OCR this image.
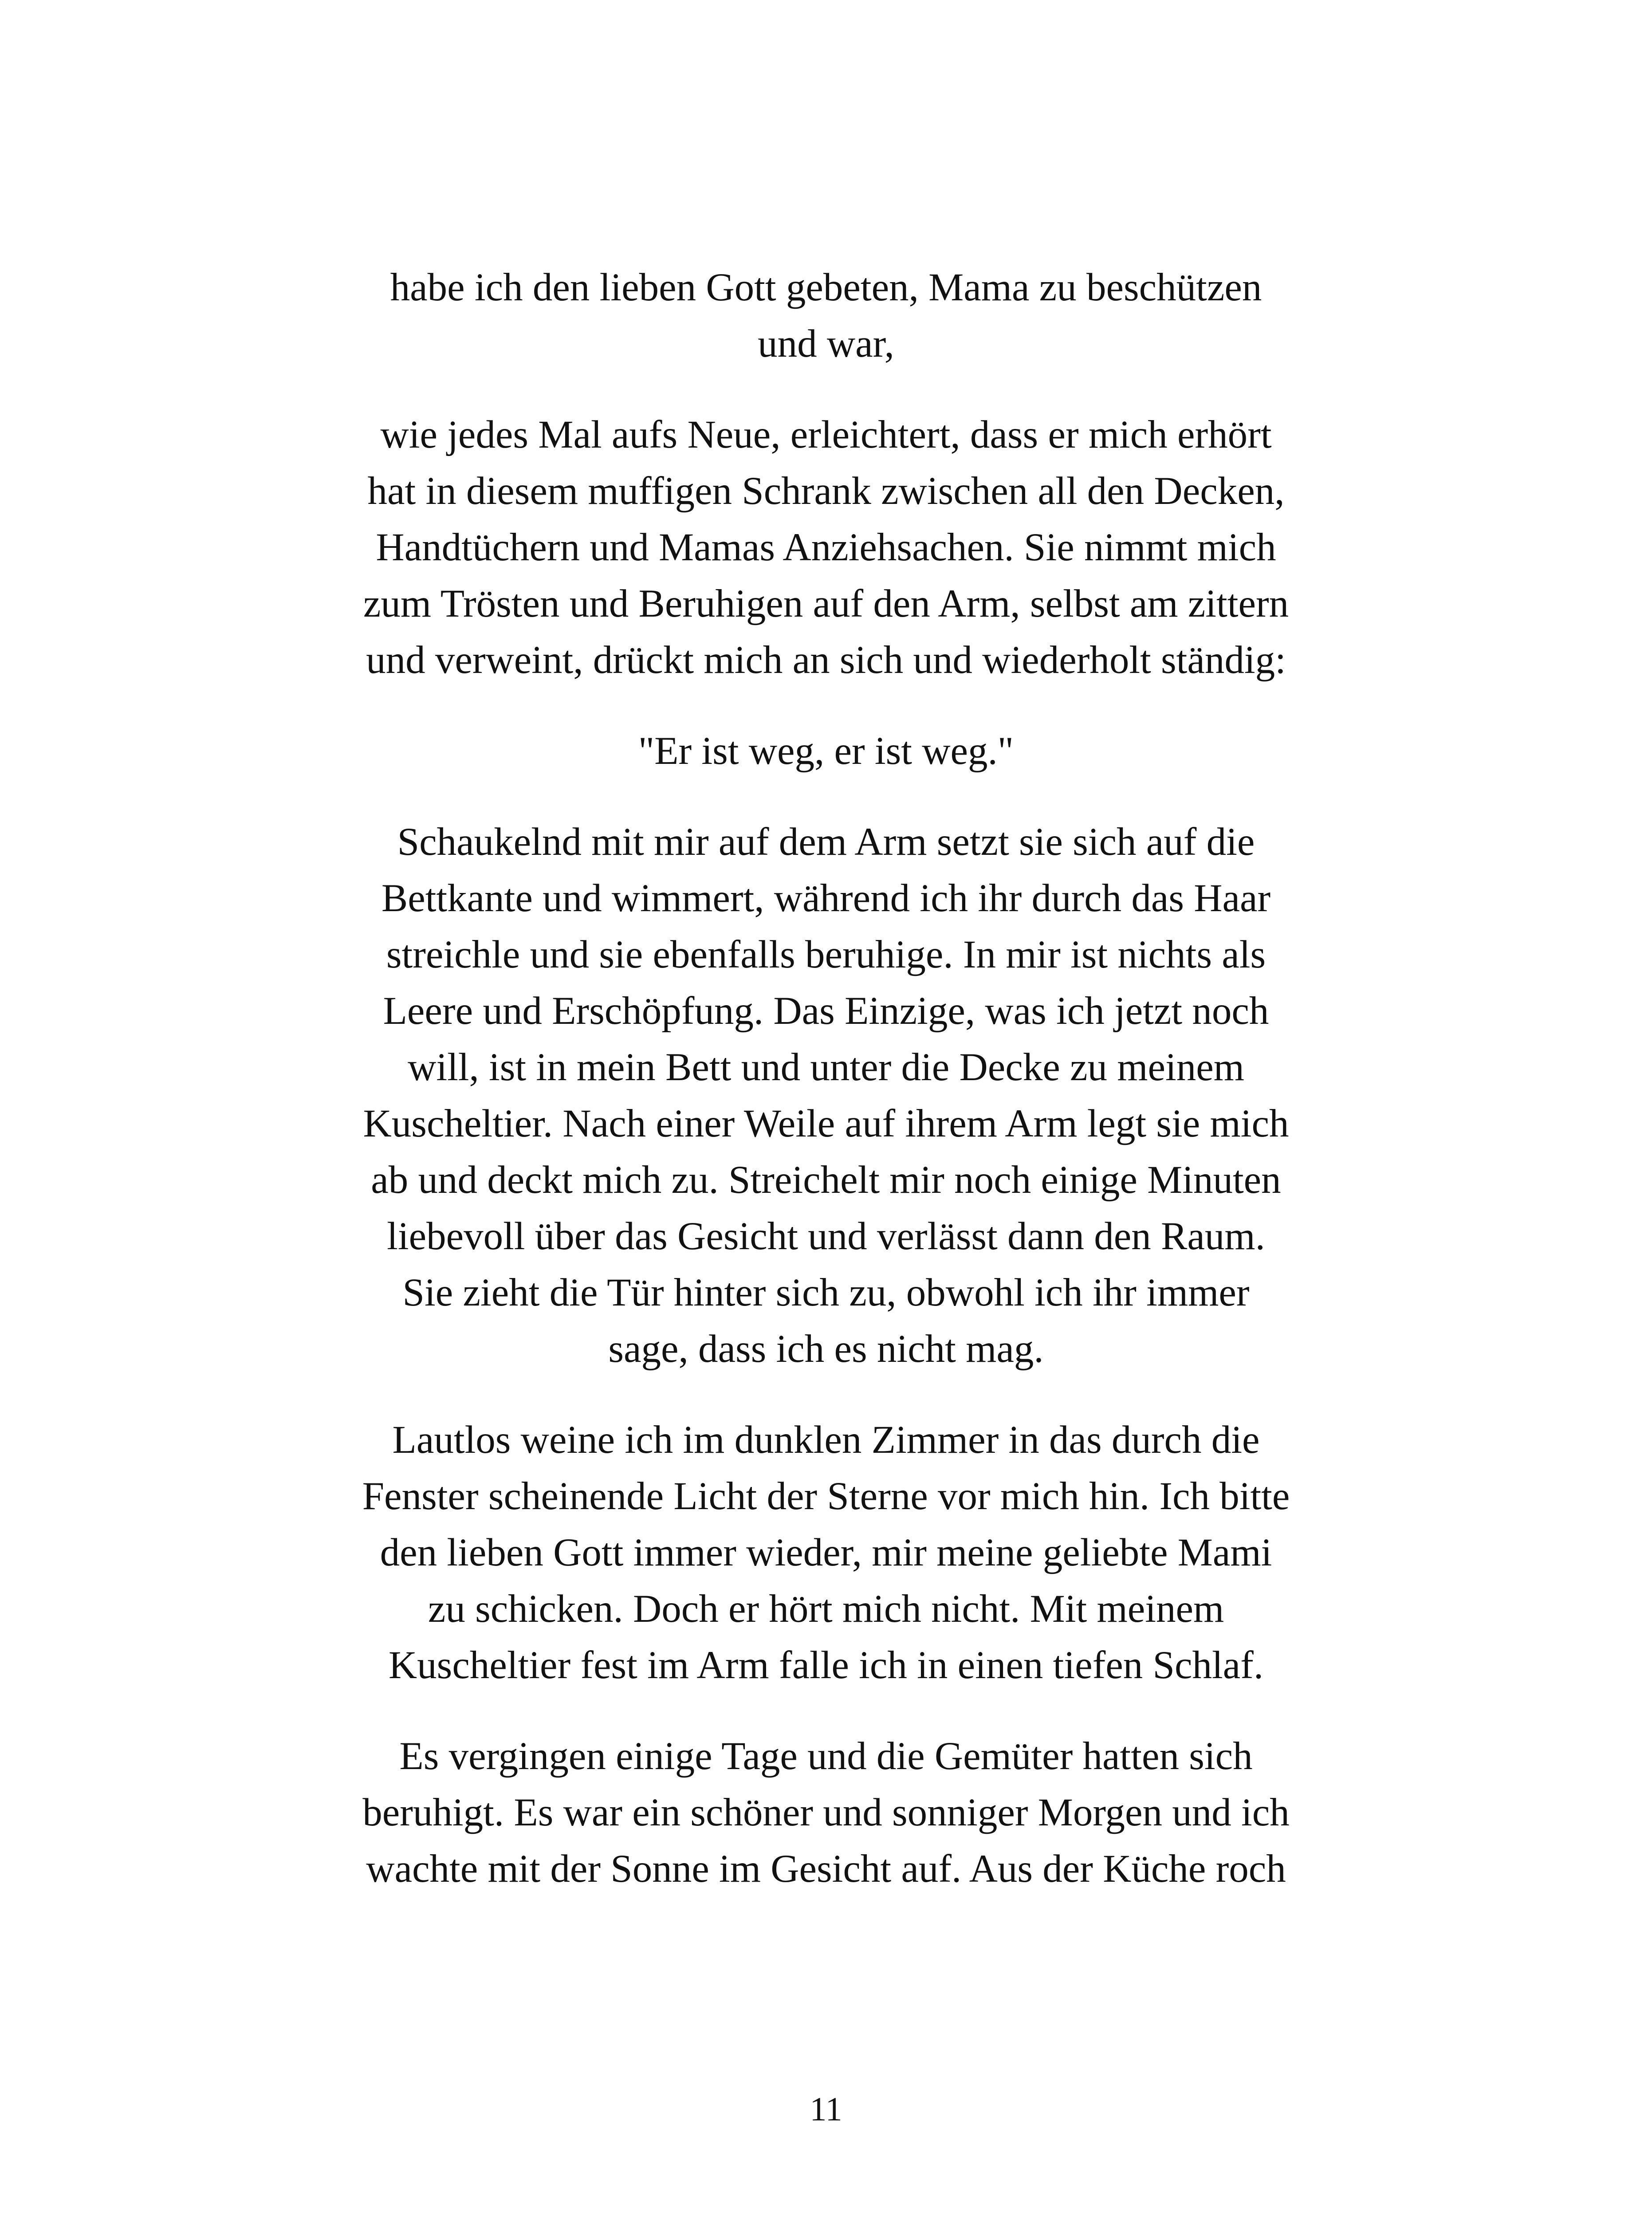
habe ich den lieben Gott gebeten, Mama zu beschützen
und war,

wie jedes Mal aufs Neue, erleichtert, dass er mich erhört
hat in diesem muffigen Schrank zwischen all den Decken,
Handtüchern und Mamas Anziehsachen. Sie nimmt mich
zum Trösten und Beruhigen auf den Arm, selbst am zittern
und verweint, drückt mich an sich und wiederholt ständig:

"Er ist weg, er ist weg."

Schaukelnd mit mir auf dem Arm setzt sie sich auf die
Bettkante und wimmert, während ich ihr durch das Haar
streichle und sie ebenfalls beruhige. In mir ist nichts als
Leere und Erschöpfung. Das Einzige, was ich jetzt noch
will, ist in mein Bett und unter die Decke zu meinem
Kuscheltier. Nach einer Weile auf ihrem Arm legt sie mich
ab und deckt mich zu. Streichelt mir noch einige Minuten
liebevoll über das Gesicht und verlässt dann den Raum.
Sie zieht die Tür hinter sich zu, obwohl ich ihr immer
sage, dass ich es nicht mag.

Lautlos weine ich im dunklen Zimmer in das durch die
Fenster scheinende Licht der Sterne vor mich hin. Ich bitte
den lieben Gott immer wieder, mir meine geliebte Mami
zu schicken. Doch er hört mich nicht. Mit meinem
Kuscheltier fest im Arm falle ich in einen tiefen Schlaf.

Es vergingen einige Tage und die Gemüter hatten sich
beruhigt. Es war ein schöner und sonniger Morgen und ich
wachte mit der Sonne im Gesicht auf. Aus der Küche roch

11
